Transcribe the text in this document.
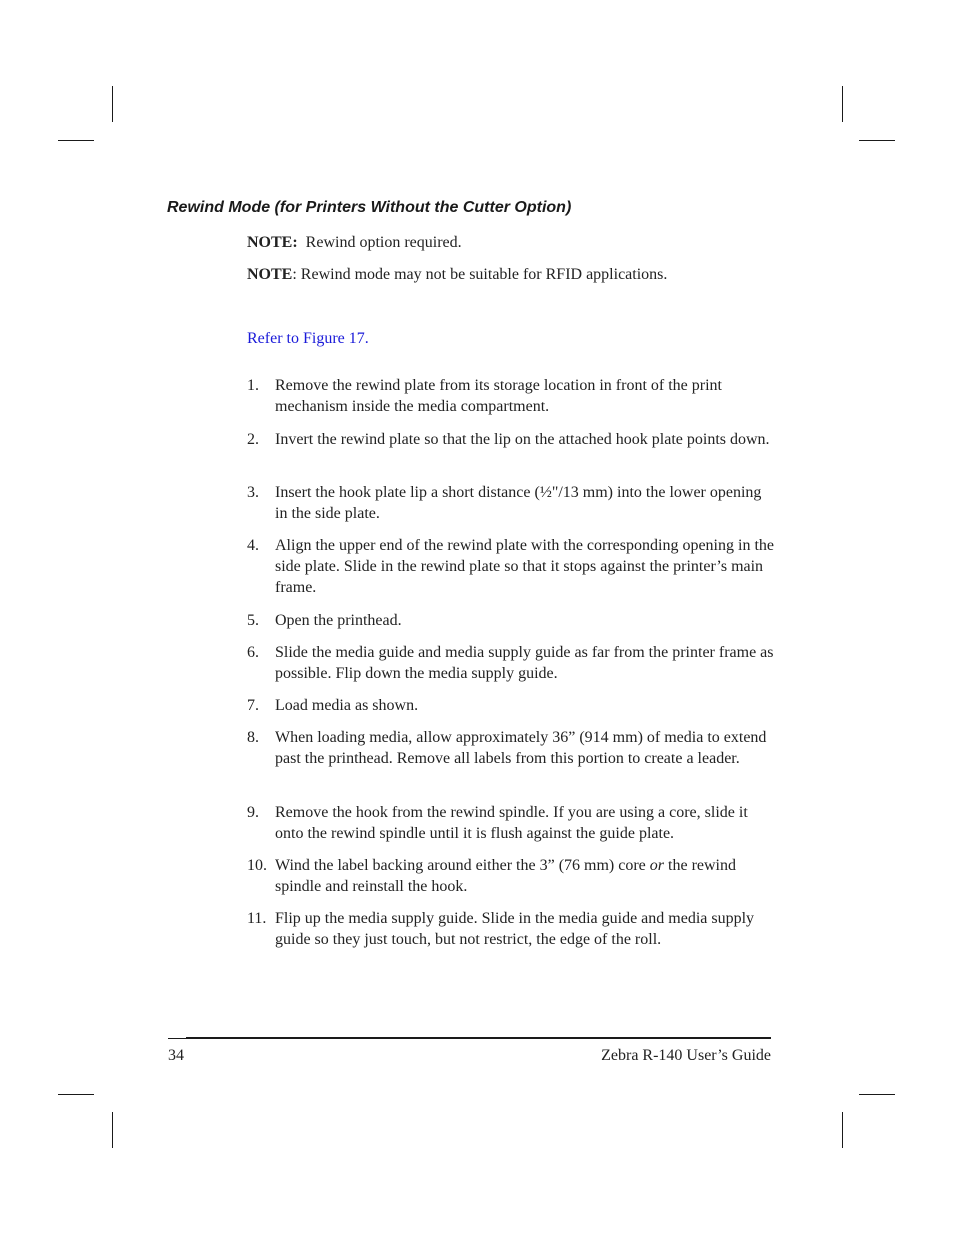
Rewind Mode (for Printers Without the Cutter Option)

NOTE: Rewind option required.

NOTE: Rewind mode may not be suitable for RFID applications.

Refer to Figure 17.
1. Remove the rewind plate from its storage location in front of the print mechanism inside the media compartment.
2. Invert the rewind plate so that the lip on the attached hook plate points down.
3. Insert the hook plate lip a short distance (½"/13 mm) into the lower opening in the side plate.
4. Align the upper end of the rewind plate with the corresponding opening in the side plate. Slide in the rewind plate so that it stops against the printer’s main frame.
5. Open the printhead.
6. Slide the media guide and media supply guide as far from the printer frame as possible. Flip down the media supply guide.
7. Load media as shown.
8. When loading media, allow approximately 36” (914 mm) of media to extend past the printhead. Remove all labels from this portion to create a leader.
9. Remove the hook from the rewind spindle. If you are using a core, slide it onto the rewind spindle until it is flush against the guide plate.
10. Wind the label backing around either the 3” (76 mm) core or the rewind spindle and reinstall the hook.
11. Flip up the media supply guide. Slide in the media guide and media supply guide so they just touch, but not restrict, the edge of the roll.
34	Zebra R-140 User’s Guide
